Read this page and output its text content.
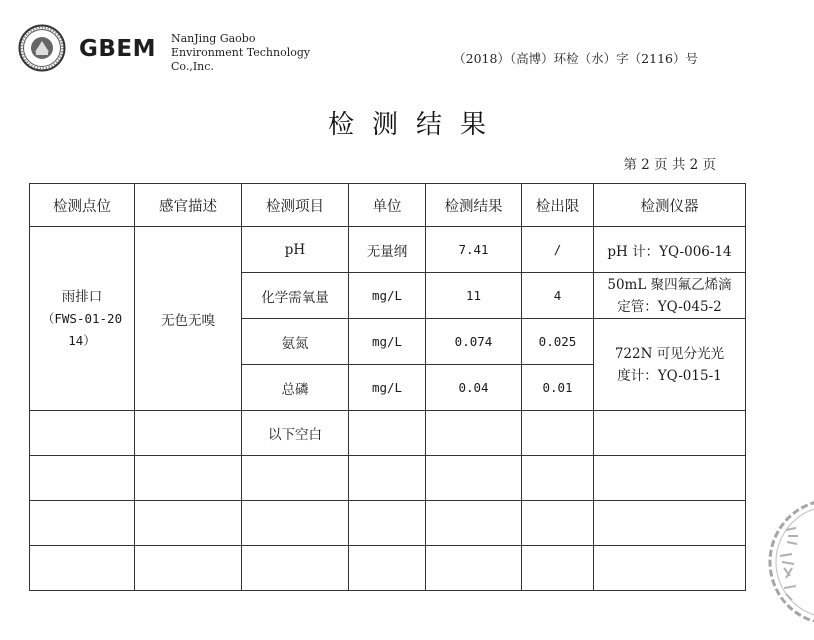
GBEM NanJing Gaobo
Environment Technology
Co.,Inc.
（2018）（高博）环检（水）字（2116）号
检测结果
第 2 页 共 2 页
检测点位	感官描述	检测项目	单位	检测结果	检出限	检测仪器

雨排口
（FWS-01-20
14）	无色无嗅	pH	无量纲	7.41	/	pH 计：YQ-006-14
		化学需氧量	mg/L	11	4	50mL 聚四氟乙烯滴
定管：YQ-045-2

		氨氮	mg/L	0.074	0.025	722N 可见分光光
度计：YQ-015-1

		总磷	mg/L	0.04	0.01	
		以下空白				
